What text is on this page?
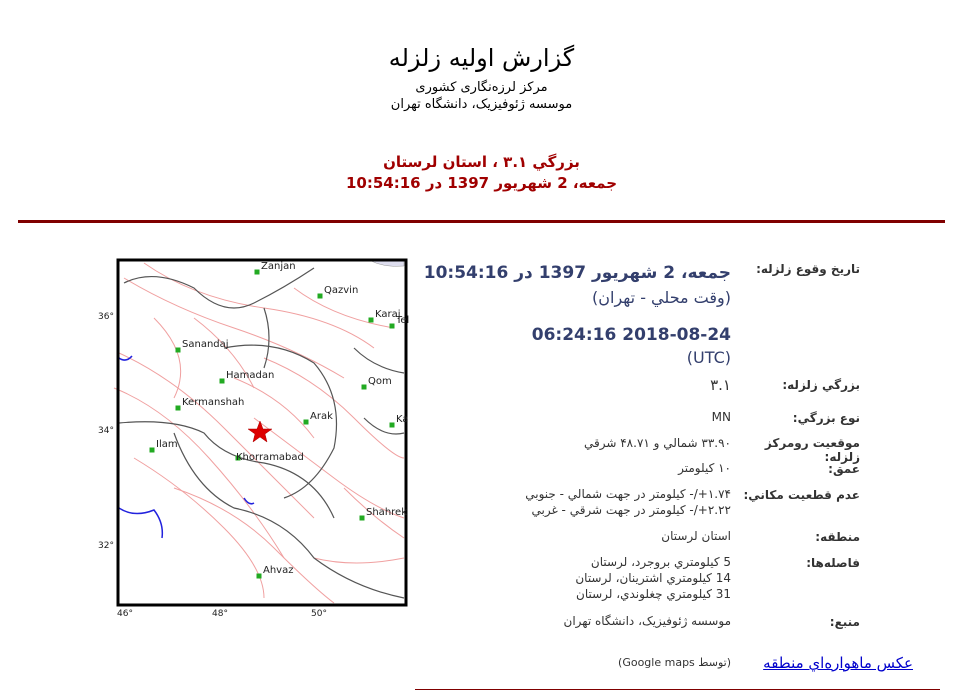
گزارش اولیه زلزله
مرکز لرزه‌نگاری کشوری
موسسه ژئوفیزیک، دانشگاه تهران
بزرگي ۳.۱ ، استان لرستان
جمعه، 2 شهريور 1397 در 10:54:16
36°
34°
32°
46°	48°	50°
Zanjan
Qazvin
Karaj
Tel
Sanandaj
Hamadan
Qom
Kermanshah
Arak	Ka
Ilam
Khorramabad
Shahrek
Ahvaz
تاريخ وقوع زلزله:
جمعه، 2 شهريور 1397 در 10:54:16
(وقت محلي - تهران)
2018-08-24 06:24:16
(UTC)
بزرگي زلزله:
۳.۱
نوع بزرگي:
MN
موقعيت رومرکز زلزله:
۳۳.۹۰ شمالي و ۴۸.۷۱ شرقي
عمق:
۱۰ کيلومتر
عدم قطعيت مکاني:
۱.۷۴+/- کيلومتر در جهت شمالي - جنوبي
۲.۲۲+/- کيلومتر در جهت شرقي - غربي
منطقه:
استان لرستان
فاصله‌ها:
5 کيلومتري بروجرد، لرستان
14 کيلومتري اشترينان، لرستان
31 کيلومتري چغلوندي، لرستان
منبع:
موسسه ژئوفيزيک، دانشگاه تهران
عکس ماهواره‌اي منطقه
(توسط Google maps)
